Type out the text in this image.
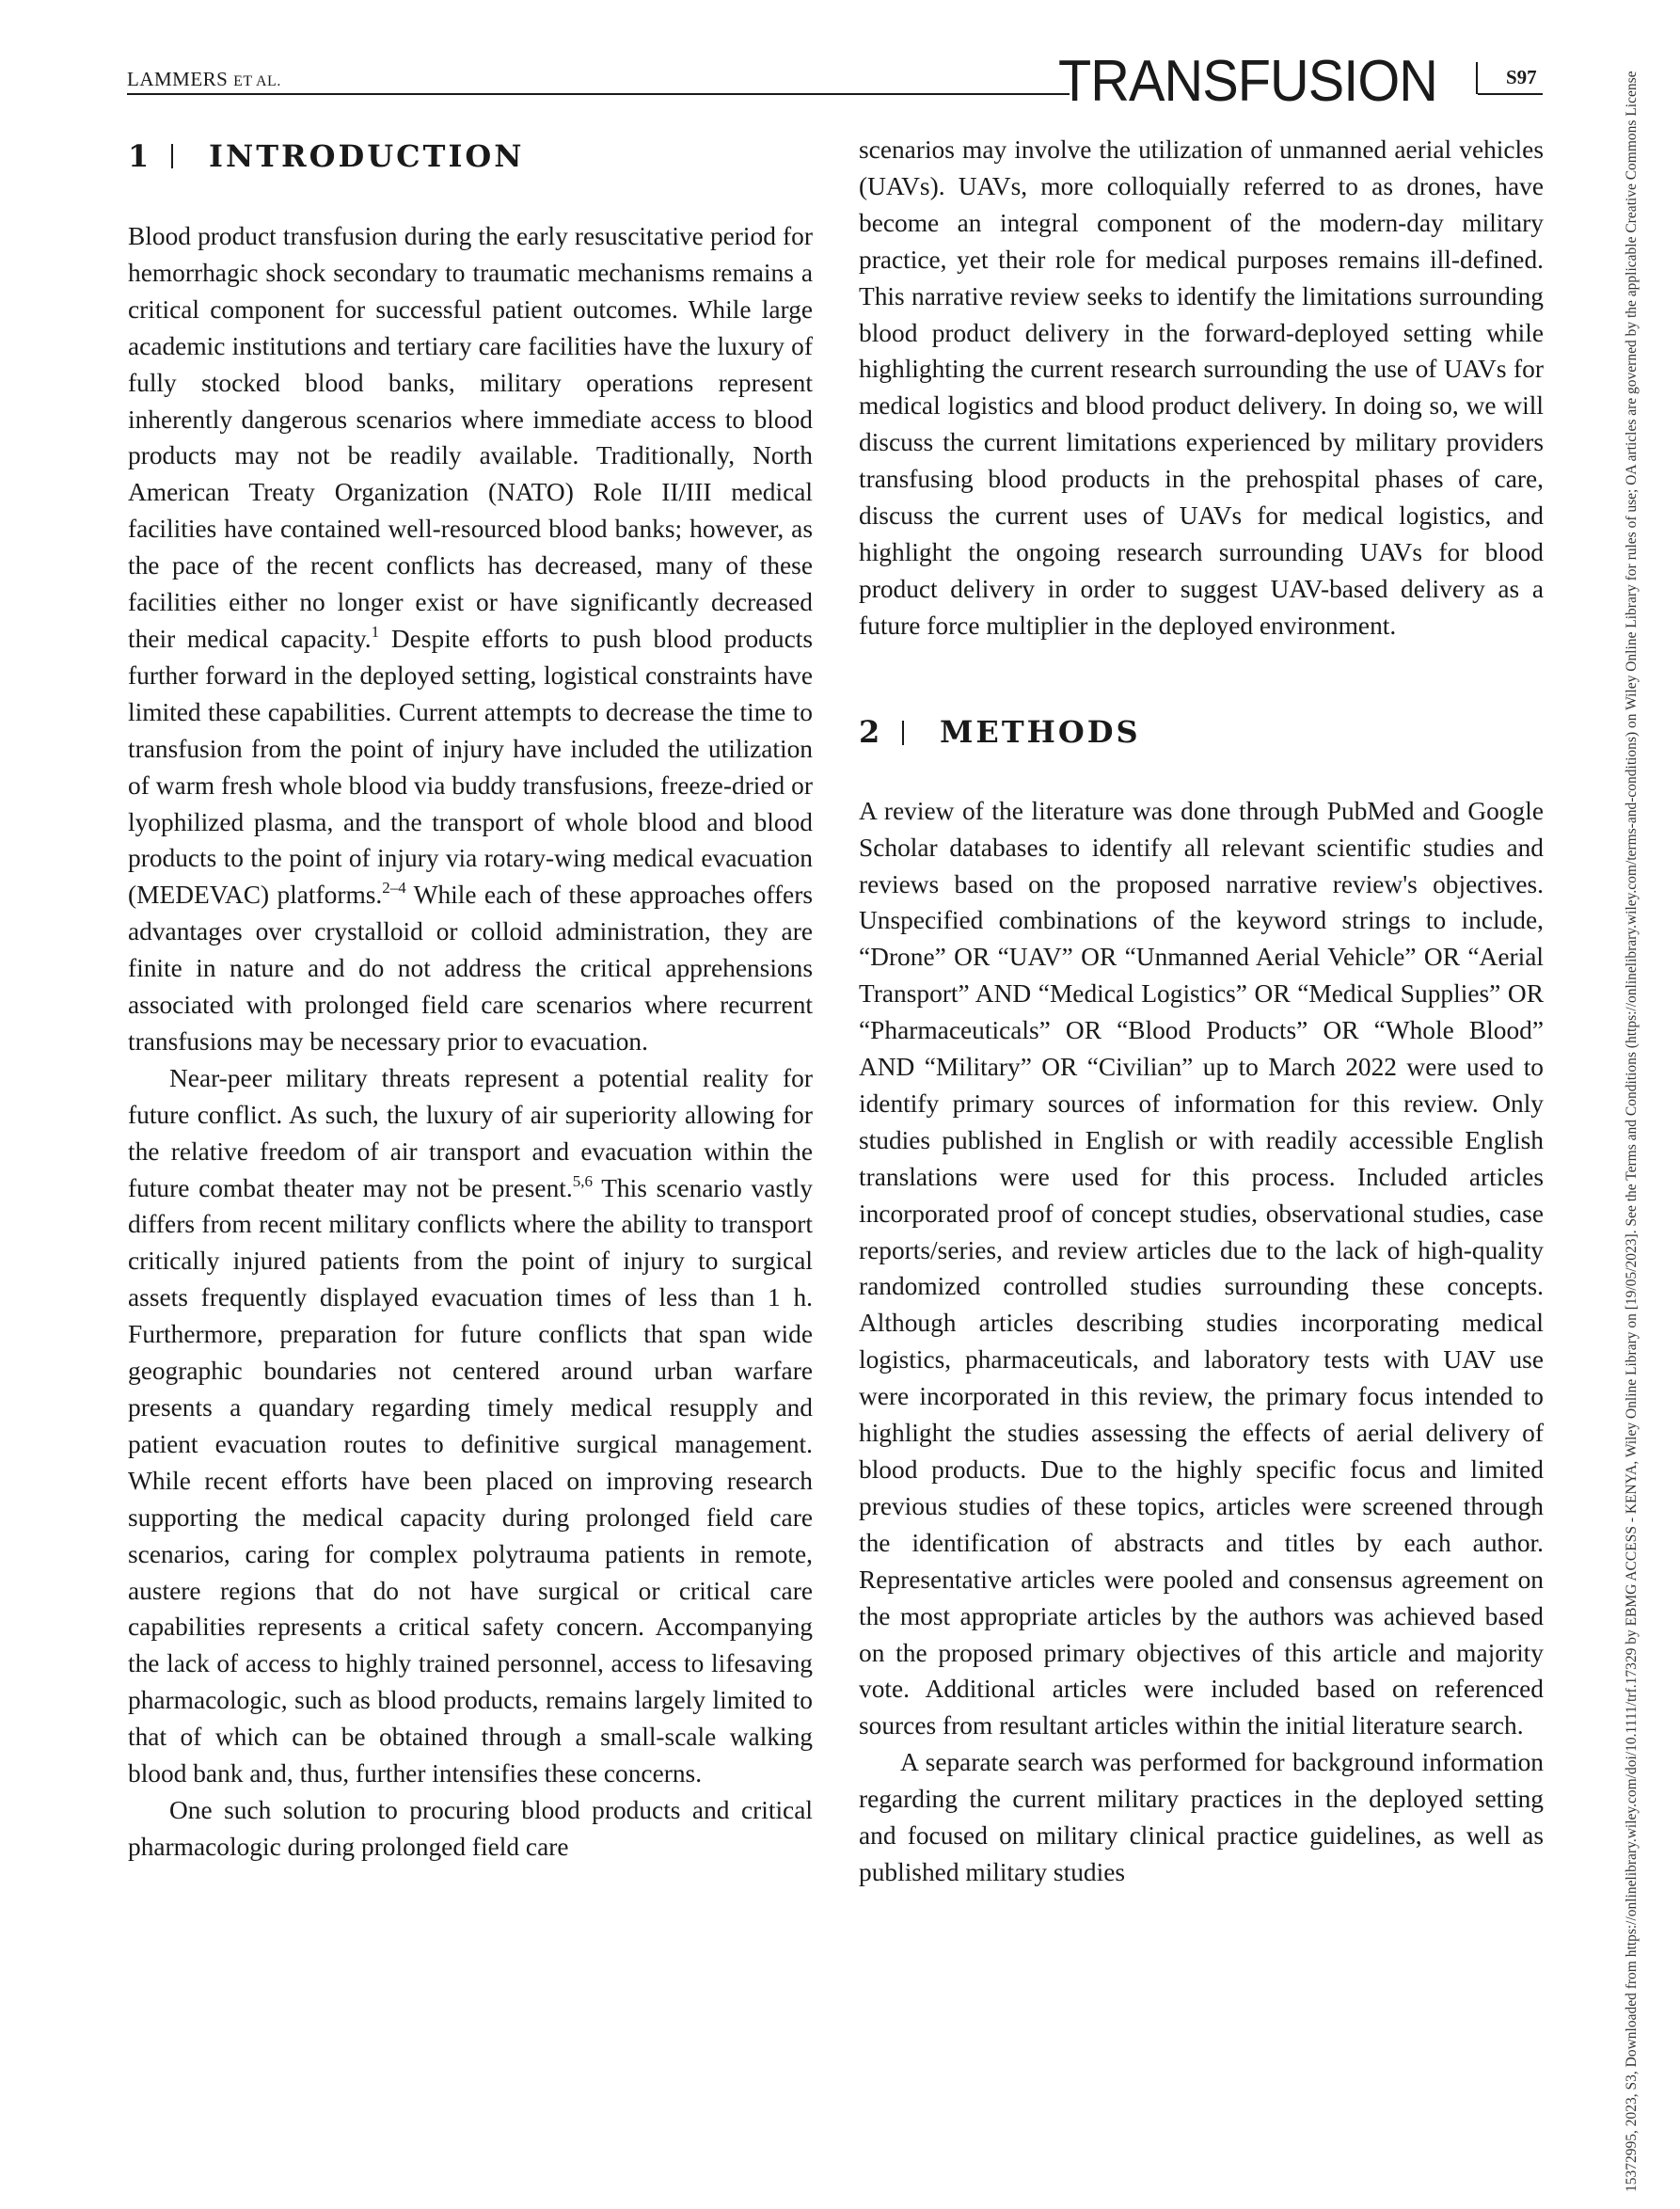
LAMMERS ET AL.	TRANSFUSION	S97
1	INTRODUCTION

Blood product transfusion during the early resuscitative period for hemorrhagic shock secondary to traumatic mechanisms remains a critical component for successful patient outcomes. While large academic institutions and tertiary care facilities have the luxury of fully stocked blood banks, military operations represent inherently dangerous scenarios where immediate access to blood products may not be readily available. Traditionally, North American Treaty Organization (NATO) Role II/III medical facilities have contained well-resourced blood banks; however, as the pace of the recent conflicts has decreased, many of these facilities either no longer exist or have significantly decreased their medical capacity.$^1$ Despite efforts to push blood products further forward in the deployed setting, logistical constraints have limited these capabilities. Current attempts to decrease the time to transfusion from the point of injury have included the utilization of warm fresh whole blood via buddy transfusions, freeze-dried or lyophilized plasma, and the transport of whole blood and blood products to the point of injury via rotary-wing medical evacuation (MEDEVAC) platforms.$^{2-4}$ While each of these approaches offers advantages over crystalloid or colloid administration, they are finite in nature and do not address the critical apprehensions associated with prolonged field care scenarios where recurrent transfusions may be necessary prior to evacuation.

Near-peer military threats represent a potential reality for future conflict. As such, the luxury of air superiority allowing for the relative freedom of air transport and evacuation within the future combat theater may not be present.$^{5,6}$ This scenario vastly differs from recent military conflicts where the ability to transport critically injured patients from the point of injury to surgical assets frequently displayed evacuation times of less than 1 h. Furthermore, preparation for future conflicts that span wide geographic boundaries not centered around urban warfare presents a quandary regarding timely medical resupply and patient evacuation routes to definitive surgical management. While recent efforts have been placed on improving research supporting the medical capacity during prolonged field care scenarios, caring for complex polytrauma patients in remote, austere regions that do not have surgical or critical care capabilities represents a critical safety concern. Accompanying the lack of access to highly trained personnel, access to lifesaving pharmacologic, such as blood products, remains largely limited to that of which can be obtained through a small-scale walking blood bank and, thus, further intensifies these concerns.

One such solution to procuring blood products and critical pharmacologic during prolonged field care

scenarios may involve the utilization of unmanned aerial vehicles (UAVs). UAVs, more colloquially referred to as drones, have become an integral component of the modern-day military practice, yet their role for medical purposes remains ill-defined. This narrative review seeks to identify the limitations surrounding blood product delivery in the forward-deployed setting while highlighting the current research surrounding the use of UAVs for medical logistics and blood product delivery. In doing so, we will discuss the current limitations experienced by military providers transfusing blood products in the prehospital phases of care, discuss the current uses of UAVs for medical logistics, and highlight the ongoing research surrounding UAVs for blood product delivery in order to suggest UAV-based delivery as a future force multiplier in the deployed environment.

2	METHODS

A review of the literature was done through PubMed and Google Scholar databases to identify all relevant scientific studies and reviews based on the proposed narrative review's objectives. Unspecified combinations of the keyword strings to include, “Drone” OR “UAV” OR “Unmanned Aerial Vehicle” OR “Aerial Transport” AND “Medical Logistics” OR “Medical Supplies” OR “Pharmaceuticals” OR “Blood Products” OR “Whole Blood” AND “Military” OR “Civilian” up to March 2022 were used to identify primary sources of information for this review. Only studies published in English or with readily accessible English translations were used for this process. Included articles incorporated proof of concept studies, observational studies, case reports/series, and review articles due to the lack of high-quality randomized controlled studies surrounding these concepts. Although articles describing studies incorporating medical logistics, pharmaceuticals, and laboratory tests with UAV use were incorporated in this review, the primary focus intended to highlight the studies assessing the effects of aerial delivery of blood products. Due to the highly specific focus and limited previous studies of these topics, articles were screened through the identification of abstracts and titles by each author. Representative articles were pooled and consensus agreement on the most appropriate articles by the authors was achieved based on the proposed primary objectives of this article and majority vote. Additional articles were included based on referenced sources from resultant articles within the initial literature search.

A separate search was performed for background information regarding the current military practices in the deployed setting and focused on military clinical practice guidelines, as well as published military studies	15372995, 2023, S3, Downloaded from https://onlinelibrary.wiley.com/doi/10.1111/trf.17329 by EBMG ACCESS - KENYA, Wiley Online Library on [19/05/2023]. See the Terms and Conditions (https://onlinelibrary.wiley.com/terms-and-conditions) on Wiley Online Library for rules of use; OA articles are governed by the applicable Creative Commons License
